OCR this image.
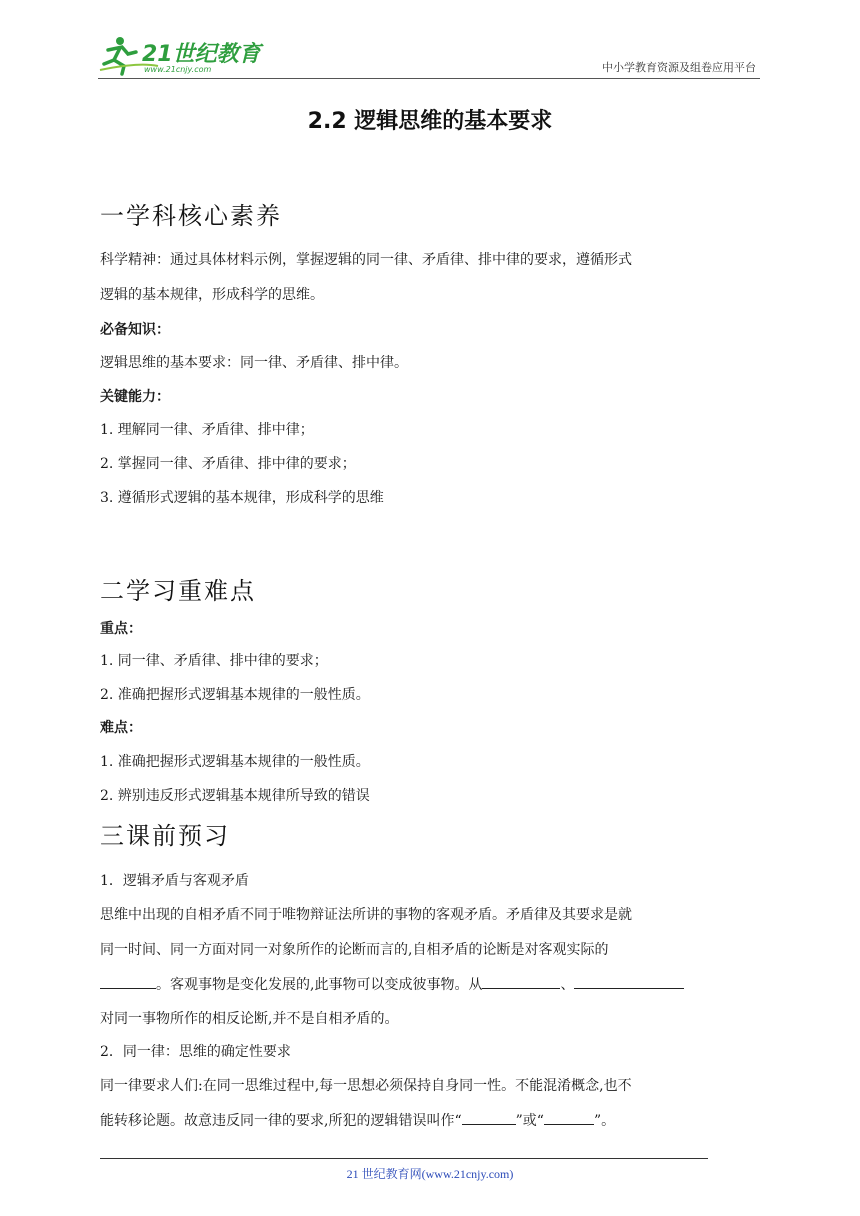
21世纪教育
www.21cnjy.com	中小学教育资源及组卷应用平台
2.2 逻辑思维的基本要求
一学科核心素养
科学精神：通过具体材料示例，掌握逻辑的同一律、矛盾律、排中律的要求，遵循形式
逻辑的基本规律，形成科学的思维。
必备知识：
逻辑思维的基本要求：同一律、矛盾律、排中律。
关键能力：
1. 理解同一律、矛盾律、排中律；
2. 掌握同一律、矛盾律、排中律的要求；
3. 遵循形式逻辑的基本规律，形成科学的思维
二学习重难点
重点：
1. 同一律、矛盾律、排中律的要求；
2. 准确把握形式逻辑基本规律的一般性质。
难点：
1. 准确把握形式逻辑基本规律的一般性质。
2. 辨别违反形式逻辑基本规律所导致的错误
三课前预习
1．逻辑矛盾与客观矛盾
思维中出现的自相矛盾不同于唯物辩证法所讲的事物的客观矛盾。矛盾律及其要求是就
同一时间、同一方面对同一对象所作的论断而言的,自相矛盾的论断是对客观实际的
。客观事物是变化发展的,此事物可以变成彼事物。从	、
对同一事物所作的相反论断,并不是自相矛盾的。
2．同一律：思维的确定性要求
同一律要求人们:在同一思维过程中,每一思想必须保持自身同一性。不能混淆概念,也不
能转移论题。故意违反同一律的要求,所犯的逻辑错误叫作“	”或“	”。
21 世纪教育网(www.21cnjy.com)
